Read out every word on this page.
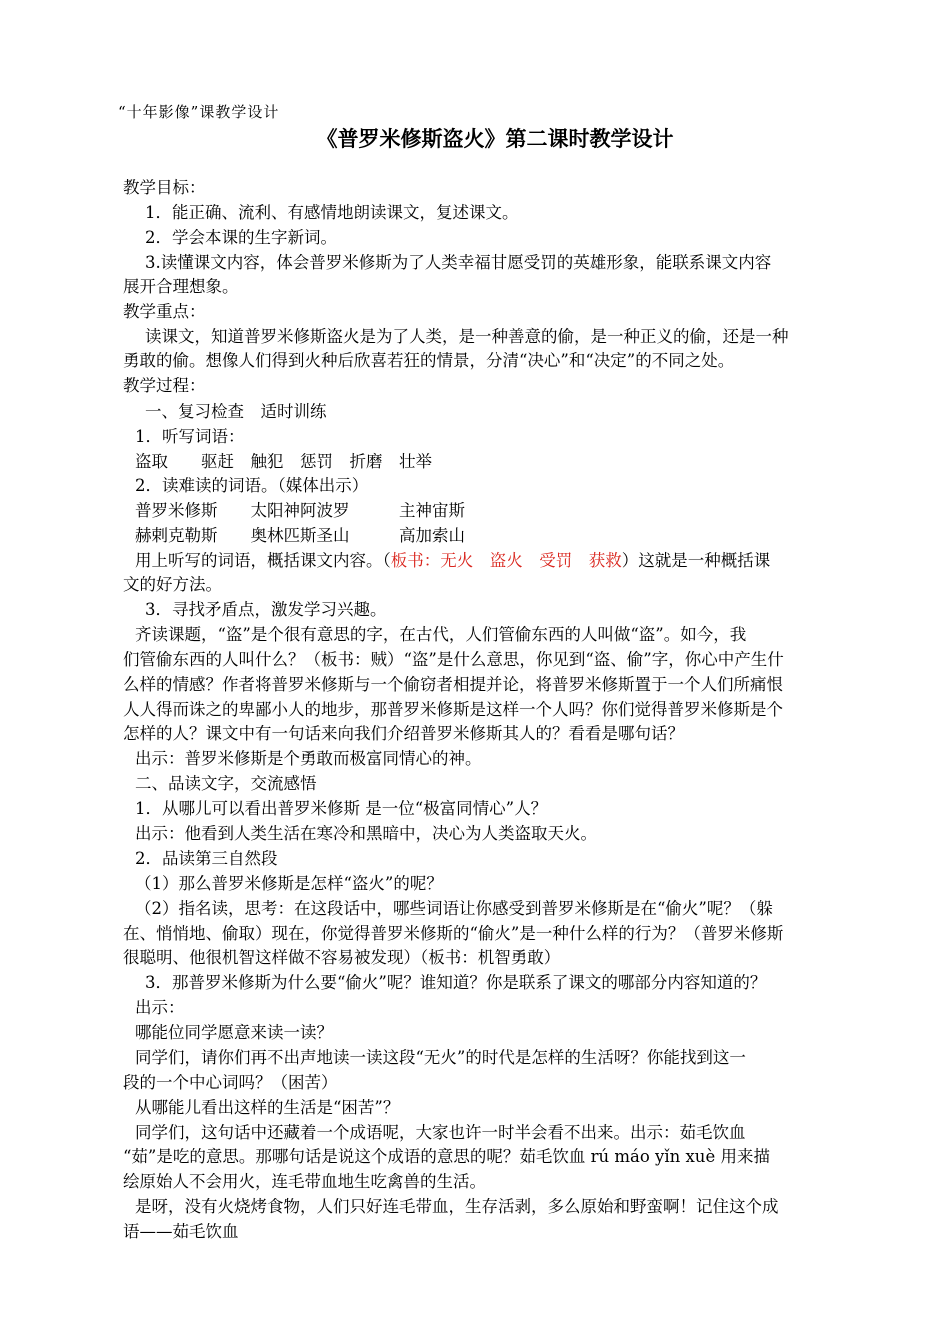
“十年影像”课教学设计
《普罗米修斯盗火》第二课时教学设计
教学目标：
1．能正确、流利、有感情地朗读课文，复述课文。
2．学会本课的生字新词。
3.读懂课文内容，体会普罗米修斯为了人类幸福甘愿受罚的英雄形象，能联系课文内容
展开合理想象。
教学重点：
读课文，知道普罗米修斯盗火是为了人类，是一种善意的偷，是一种正义的偷，还是一种
勇敢的偷。想像人们得到火种后欣喜若狂的情景，分清“决心”和“决定”的不同之处。
教学过程：
一、复习检查　适时训练
1．听写词语：
盗取　　驱赶　触犯　惩罚　折磨　壮举
2．读难读的词语。（媒体出示）
普罗米修斯　　太阳神阿波罗　　　主神宙斯
赫剌克勒斯　　奥林匹斯圣山　　　高加索山
用上听写的词语，概括课文内容。（板书：无火　盗火　受罚　获救）这就是一种概括课
文的好方法。
3．寻找矛盾点，激发学习兴趣。
齐读课题，“盗”是个很有意思的字，在古代，人们管偷东西的人叫做“盗”。如今，我
们管偷东西的人叫什么？（板书：贼）“盗”是什么意思，你见到“盗、偷”字，你心中产生什
么样的情感？作者将普罗米修斯与一个偷窃者相提并论，将普罗米修斯置于一个人们所痛恨
人人得而诛之的卑鄙小人的地步，那普罗米修斯是这样一个人吗？你们觉得普罗米修斯是个
怎样的人？课文中有一句话来向我们介绍普罗米修斯其人的？看看是哪句话？
出示：普罗米修斯是个勇敢而极富同情心的神。
二、品读文字，交流感悟
1．从哪儿可以看出普罗米修斯 是一位“极富同情心”人？
出示：他看到人类生活在寒冷和黑暗中，决心为人类盗取天火。
2．品读第三自然段
（1）那么普罗米修斯是怎样“盗火”的呢？
（2）指名读，思考：在这段话中，哪些词语让你感受到普罗米修斯是在“偷火”呢？（躲
在、悄悄地、偷取）现在，你觉得普罗米修斯的“偷火”是一种什么样的行为？（普罗米修斯
很聪明、他很机智这样做不容易被发现）（板书：机智勇敢）
3．那普罗米修斯为什么要“偷火”呢？谁知道？你是联系了课文的哪部分内容知道的？
出示：
哪能位同学愿意来读一读？
同学们，请你们再不出声地读一读这段“无火”的时代是怎样的生活呀？你能找到这一
段的一个中心词吗？（困苦）
从哪能儿看出这样的生活是“困苦”？
同学们，这句话中还藏着一个成语呢，大家也许一时半会看不出来。出示：茹毛饮血
“茹”是吃的意思。那哪句话是说这个成语的意思的呢？茹毛饮血 rú máo yǐn xuè 用来描
绘原始人不会用火，连毛带血地生吃禽兽的生活。
是呀，没有火烧烤食物，人们只好连毛带血，生存活剥，多么原始和野蛮啊！记住这个成
语——茹毛饮血
